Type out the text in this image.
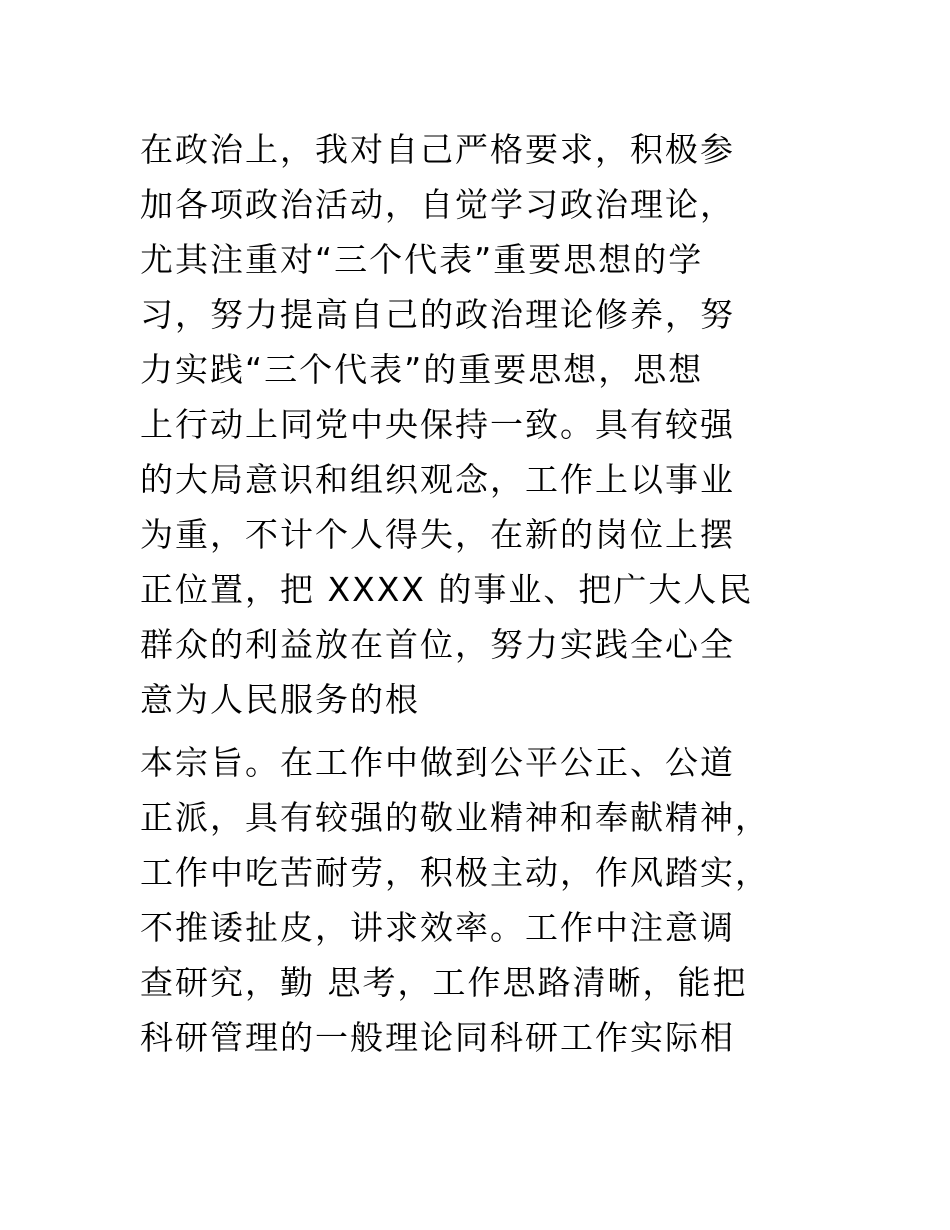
在政治上，我对自己严格要求，积极参
加各项政治活动，自觉学习政治理论，
尤其注重对“三个代表”重要思想的学
习，努力提高自己的政治理论修养，努
力实践“三个代表”的重要思想，思想
上行动上同党中央保持一致。具有较强
的大局意识和组织观念，工作上以事业
为重，不计个人得失，在新的岗位上摆
正位置，把 XXXX 的事业、把广大人民
群众的利益放在首位，努力实践全心全
意为人民服务的根
本宗旨。在工作中做到公平公正、公道
正派，具有较强的敬业精神和奉献精神，
工作中吃苦耐劳，积极主动，作风踏实，
不推诿扯皮，讲求效率。工作中注意调
查研究，勤 思考，工作思路清晰，能把
科研管理的一般理论同科研工作实际相
